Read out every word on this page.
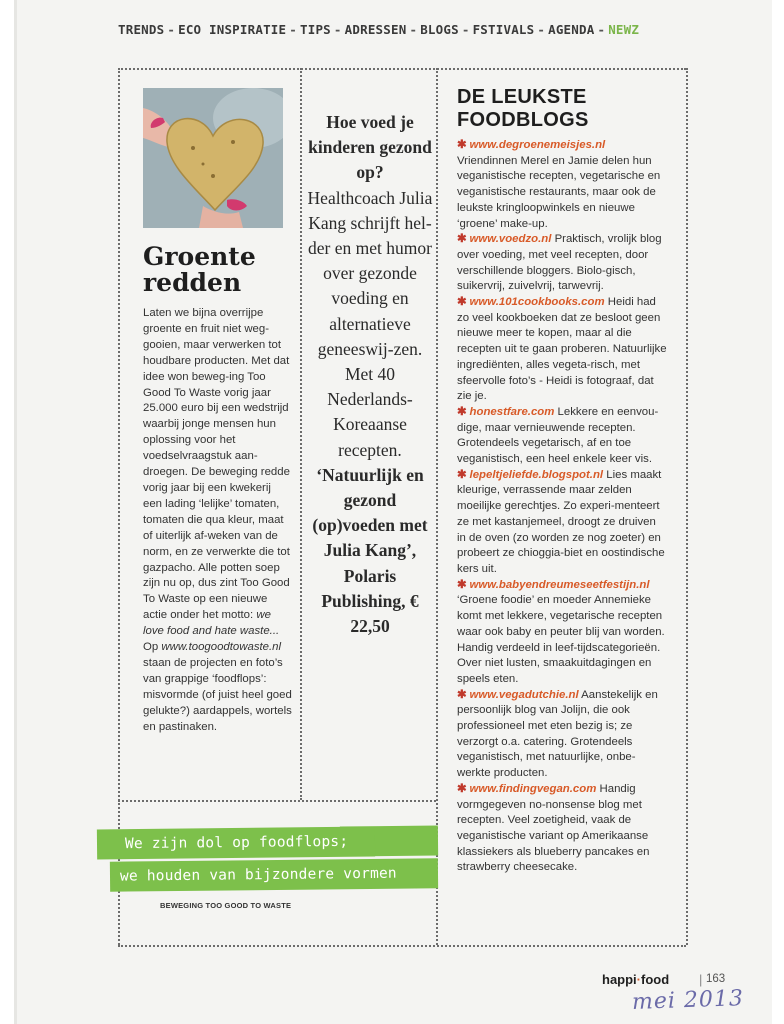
TRENDS - ECO INSPIRATIE - TIPS - ADRESSEN - BLOGS - FSTIVALS - AGENDA - NEWZ
Groente redden
Laten we bijna overrijpe groente en fruit niet weg-gooien, maar verwerken tot houdbare producten. Met dat idee won beweg-ing Too Good To Waste vorig jaar 25.000 euro bij een wedstrijd waarbij jonge mensen hun oplossing voor het voedselvraagstuk aan-droegen. De beweging redde vorig jaar bij een kwekerij een lading ‘lelijke’ tomaten, tomaten die qua kleur, maat of uiterlijk af-weken van de norm, en ze verwerkte die tot gazpacho. Alle potten soep zijn nu op, dus zint Too Good To Waste op een nieuwe actie onder het motto: we love food and hate waste...
Op www.toogoodtowaste.nl staan de projecten en foto’s van grappige ‘foodflops’: misvormde (of juist heel goed gelukte?) aardappels, wortels en pastinaken.
Hoe voed je kinderen gezond op?
Healthcoach Julia Kang schrijft hel-der en met humor over gezonde voeding en alternatieve geneeswij-zen. Met 40 Nederlands-Koreaanse recepten.
‘Natuurlijk en gezond (op)voeden met Julia Kang’, Polaris Publishing, € 22,50
DE LEUKSTE FOODBLOGS

✱ www.degroenemeisjes.nl
Vriendinnen Merel en Jamie delen hun veganistische recepten, vegetarische en veganistische restaurants, maar ook de leukste kringloopwinkels en nieuwe ‘groene’ make-up.

✱ www.voedzo.nl Praktisch, vrolijk blog over voeding, met veel recepten, door verschillende bloggers. Biolo-gisch, suikervrij, zuivelvrij, tarwevrij.

✱ www.101cookbooks.com Heidi had zo veel kookboeken dat ze besloot geen nieuwe meer te kopen, maar al die recepten uit te gaan proberen. Natuurlijke ingrediënten, alles vegeta-risch, met sfeervolle foto’s - Heidi is fotograaf, dat zie je.

✱ honestfare.com Lekkere en eenvou-dige, maar vernieuwende recepten. Grotendeels vegetarisch, af en toe veganistisch, een heel enkele keer vis.

✱ lepeltjeliefde.blogspot.nl Lies maakt kleurige, verrassende maar zelden moeilijke gerechtjes. Zo experi-menteert ze met kastanjemeel, droogt ze druiven in de oven (zo worden ze nog zoeter) en probeert ze chioggia-biet en oostindische kers uit.

✱ www.babyendreumeseetfestijn.nl
‘Groene foodie’ en moeder Annemieke komt met lekkere, vegetarische recepten waar ook baby en peuter blij van worden. Handig verdeeld in leef-tijdscategorieën. Over niet lusten, smaakuitdagingen en speels eten.

✱ www.vegadutchie.nl Aanstekelijk en persoonlijk blog van Jolijn, die ook professioneel met eten bezig is; ze verzorgt o.a. catering. Grotendeels veganistisch, met natuurlijke, onbe-werkte producten.

✱ www.findingvegan.com Handig vormgegeven no-nonsense blog met recepten. Veel zoetigheid, vaak de veganistische variant op Amerikaanse klassiekers als blueberry pancakes en strawberry cheesecake.

We zijn dol op foodflops;
we houden van bijzondere vormen
BEWEGING TOO GOOD TO WASTE
happi·food | 163
mei 2013
